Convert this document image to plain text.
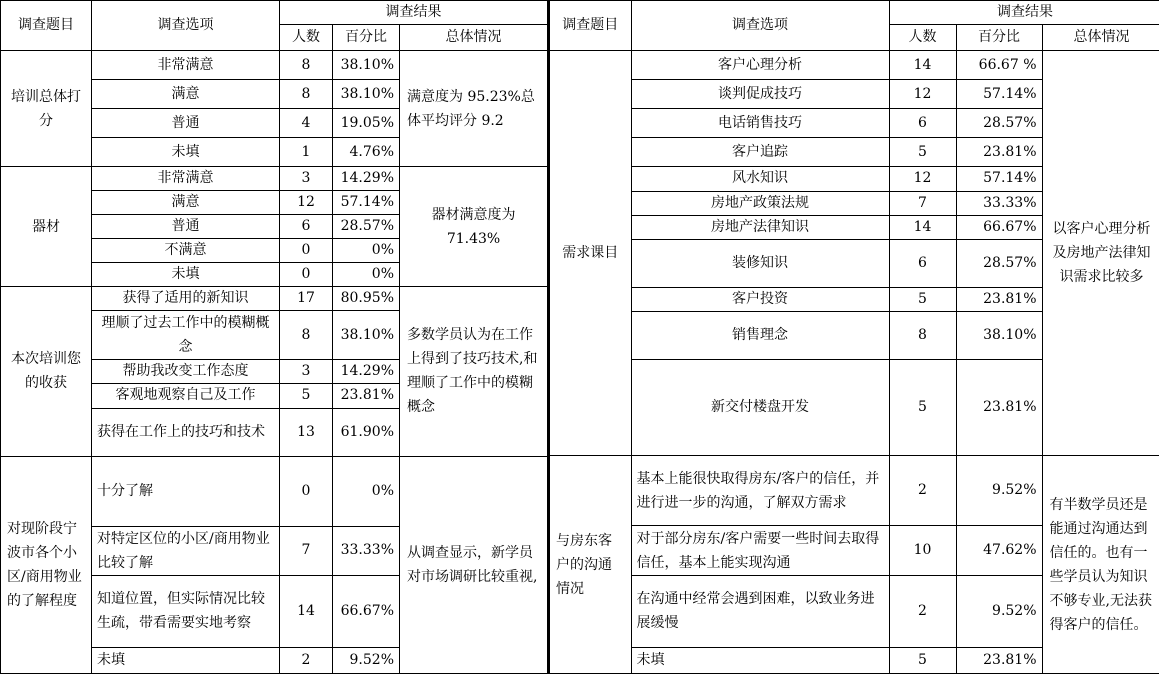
调查题目	调查选项	调查结果		
		人数	百分比	总体情况
培训总体打分	非常满意	8	38.10%	满意度为 95.23%总体平均评分 9.2
	满意	8	38.10%	
	普通	4	19.05%	
	未填	1	4.76%	
器材	非常满意	3	14.29%	器材满意度为71.43%
	满意	12	57.14%	
	普通	6	28.57%	
	不满意	0	0%	
	未填	0	0%	
本次培训您的收获	获得了适用的新知识	17	80.95%	多数学员认为在工作上得到了技巧技术,和理顺了工作中的模糊概念
	理顺了过去工作中的模糊概念	8	38.10%	
	帮助我改变工作态度	3	14.29%	
	客观地观察自己及工作	5	23.81%	
	获得在工作上的技巧和技术	13	61.90%	
对现阶段宁波市各个小区/商用物业的了解程度	十分了解	0	0%	从调查显示，新学员对市场调研比较重视,
	对特定区位的小区/商用物业比较了解	7	33.33%	
	知道位置，但实际情况比较生疏，带看需要实地考察	14	66.67%	
	未填	2	9.52%	
调查题目	调查选项	调查结果		
		人数	百分比	总体情况
需求课目	客户心理分析	14	66.67 %	以客户心理分析及房地产法律知识需求比较多
	谈判促成技巧	12	57.14%	
	电话销售技巧	6	28.57%	
	客户追踪	5	23.81%	
	风水知识	12	57.14%	
	房地产政策法规	7	33.33%	
	房地产法律知识	14	66.67%	
	装修知识	6	28.57%	
	客户投资	5	23.81%	
	销售理念	8	38.10%	
	新交付楼盘开发	5	23.81%	
与房东客户的沟通情况	基本上能很快取得房东/客户的信任，并进行进一步的沟通，了解双方需求	2	9.52%	有半数学员还是能通过沟通达到信任的。也有一些学员认为知识不够专业,无法获得客户的信任。
	对于部分房东/客户需要一些时间去取得信任，基本上能实现沟通	10	47.62%	
	在沟通中经常会遇到困难，以致业务进展缓慢	2	9.52%	
	未填	5	23.81%	
